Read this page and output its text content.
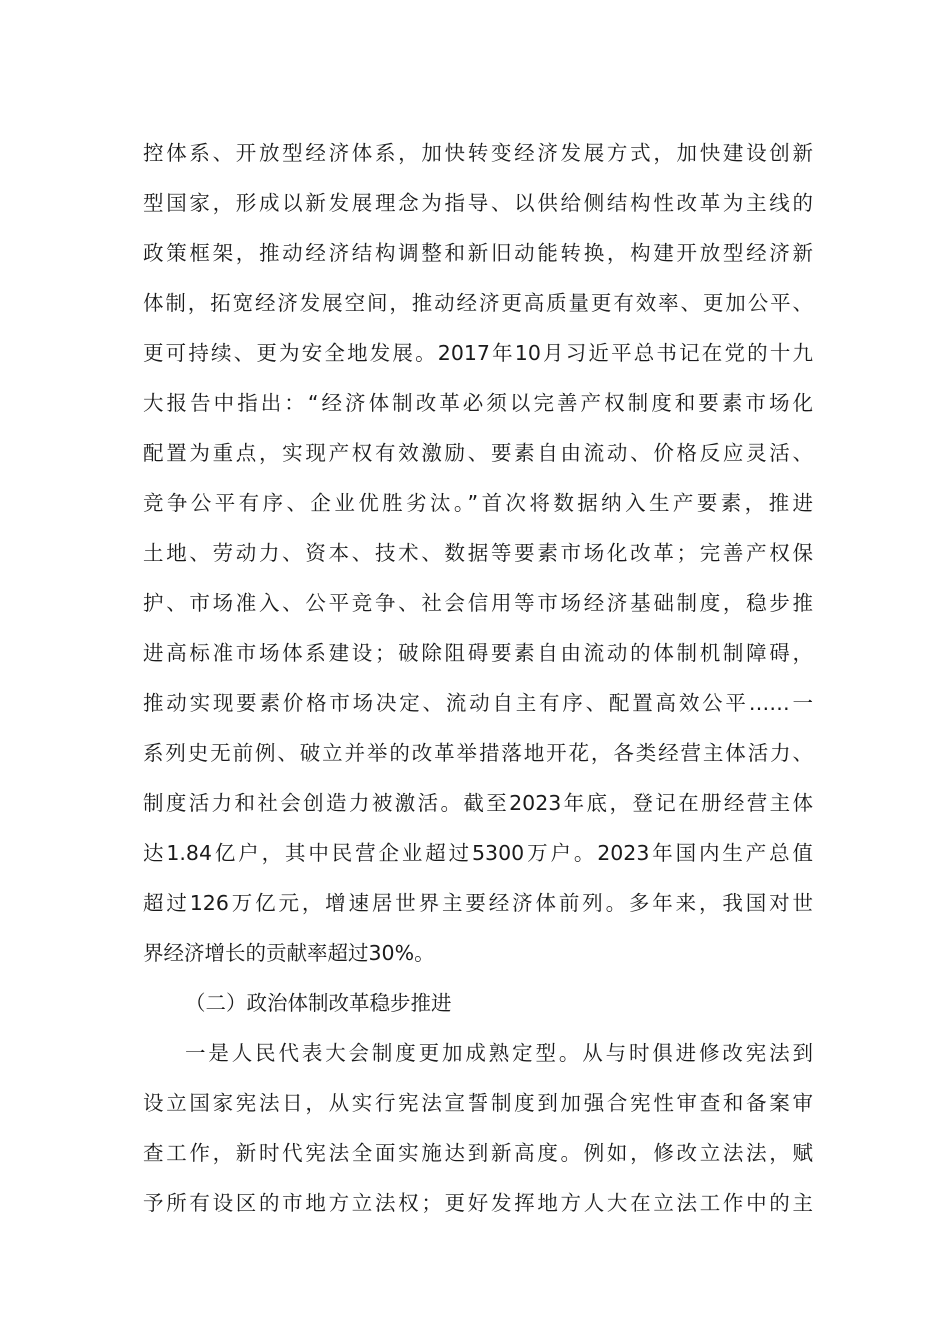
控体系、开放型经济体系，加快转变经济发展方式，加快建设创新
型国家，形成以新发展理念为指导、以供给侧结构性改革为主线的
政策框架，推动经济结构调整和新旧动能转换，构建开放型经济新
体制，拓宽经济发展空间，推动经济更高质量更有效率、更加公平、
更可持续、更为安全地发展。2017年10月习近平总书记在党的十九
大报告中指出：“经济体制改革必须以完善产权制度和要素市场化
配置为重点，实现产权有效激励、要素自由流动、价格反应灵活、
竞争公平有序、企业优胜劣汰。”首次将数据纳入生产要素，推进
土地、劳动力、资本、技术、数据等要素市场化改革；完善产权保
护、市场准入、公平竞争、社会信用等市场经济基础制度，稳步推
进高标准市场体系建设；破除阻碍要素自由流动的体制机制障碍，
推动实现要素价格市场决定、流动自主有序、配置高效公平……一
系列史无前例、破立并举的改革举措落地开花，各类经营主体活力、
制度活力和社会创造力被激活。截至2023年底，登记在册经营主体
达1.84亿户，其中民营企业超过5300万户。2023年国内生产总值
超过126万亿元，增速居世界主要经济体前列。多年来，我国对世
界经济增长的贡献率超过30%。
（二）政治体制改革稳步推进
一是人民代表大会制度更加成熟定型。从与时俱进修改宪法到
设立国家宪法日，从实行宪法宣誓制度到加强合宪性审查和备案审
查工作，新时代宪法全面实施达到新高度。例如，修改立法法，赋
予所有设区的市地方立法权；更好发挥地方人大在立法工作中的主
